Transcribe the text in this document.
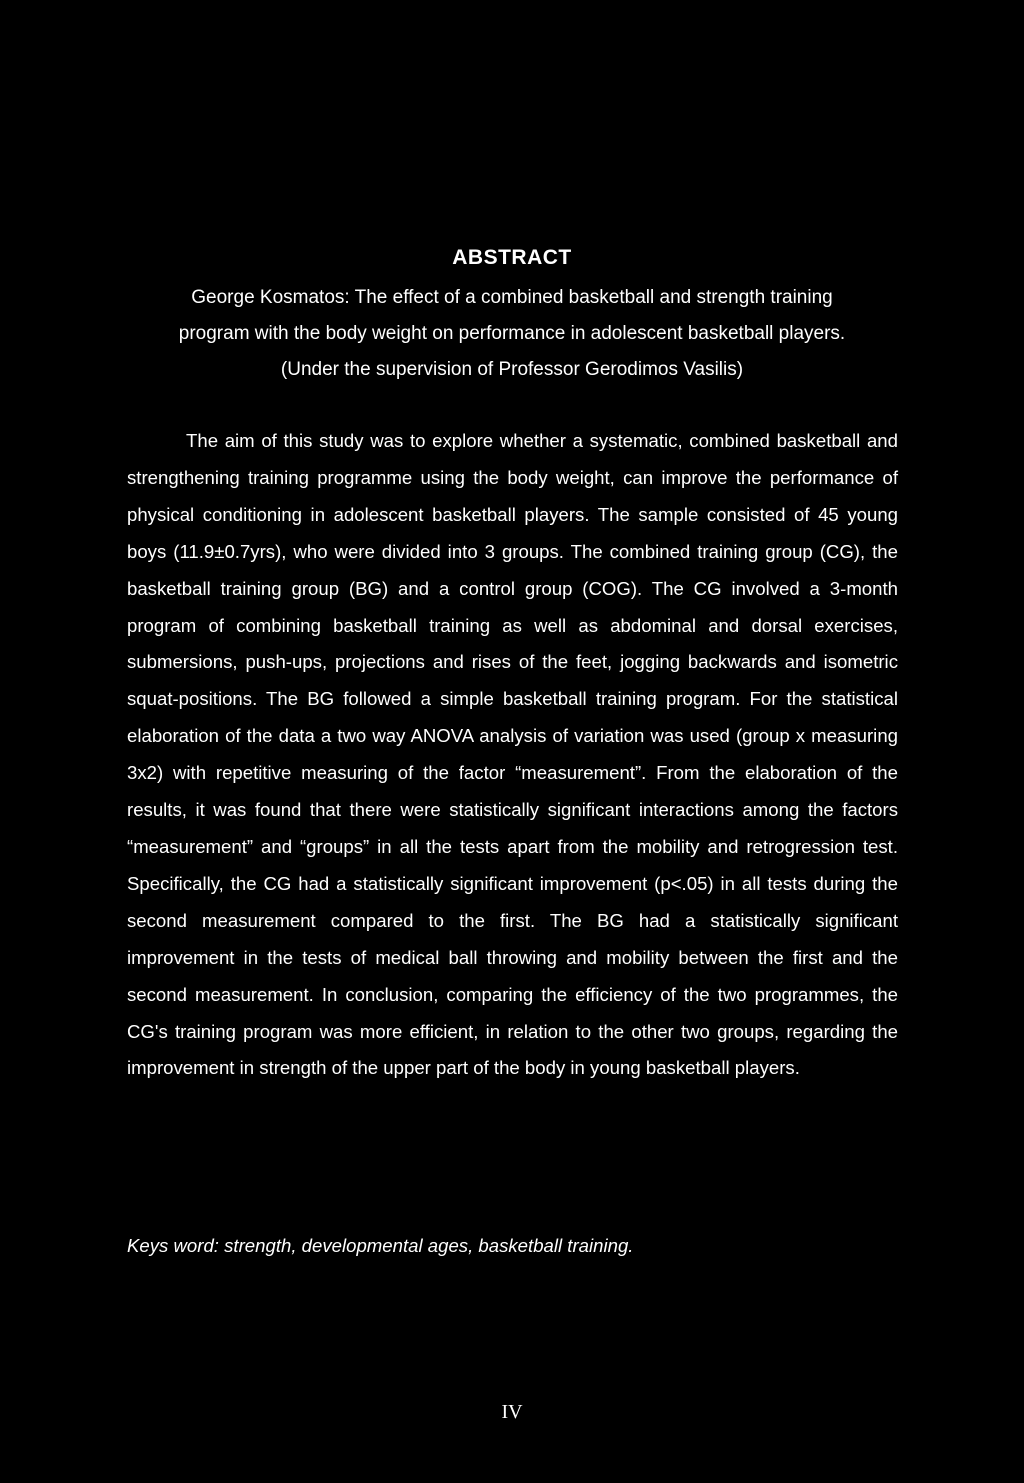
ABSTRACT
George Kosmatos: The effect of a combined basketball and strength training
program with the body weight on performance in adolescent basketball players.
(Under the supervision of Professor Gerodimos Vasilis)

The aim of this study was to explore whether a systematic, combined basketball and strengthening training programme using the body weight, can improve the performance of physical conditioning in adolescent basketball players. The sample consisted of 45 young boys (11.9±0.7yrs), who were divided into 3 groups. The combined training group (CG), the basketball training group (BG) and a control group (COG). The CG involved a 3-month program of combining basketball training as well as abdominal and dorsal exercises, submersions, push-ups, projections and rises of the feet, jogging backwards and isometric squat-positions. The BG followed a simple basketball training program. For the statistical elaboration of the data a two way ANOVA analysis of variation was used (group x measuring 3x2) with repetitive measuring of the factor “measurement”. From the elaboration of the results, it was found that there were statistically significant interactions among the factors “measurement” and “groups” in all the tests apart from the mobility and retrogression test. Specifically, the CG had a statistically significant improvement (p<.05) in all tests during the second measurement compared to the first. The BG had a statistically significant improvement in the tests of medical ball throwing and mobility between the first and the second measurement. In conclusion, comparing the efficiency of the two programmes, the CG's training program was more efficient, in relation to the other two groups, regarding the improvement in strength of the upper part of the body in young basketball players.

Keys word: strength, developmental ages, basketball training.
IV
